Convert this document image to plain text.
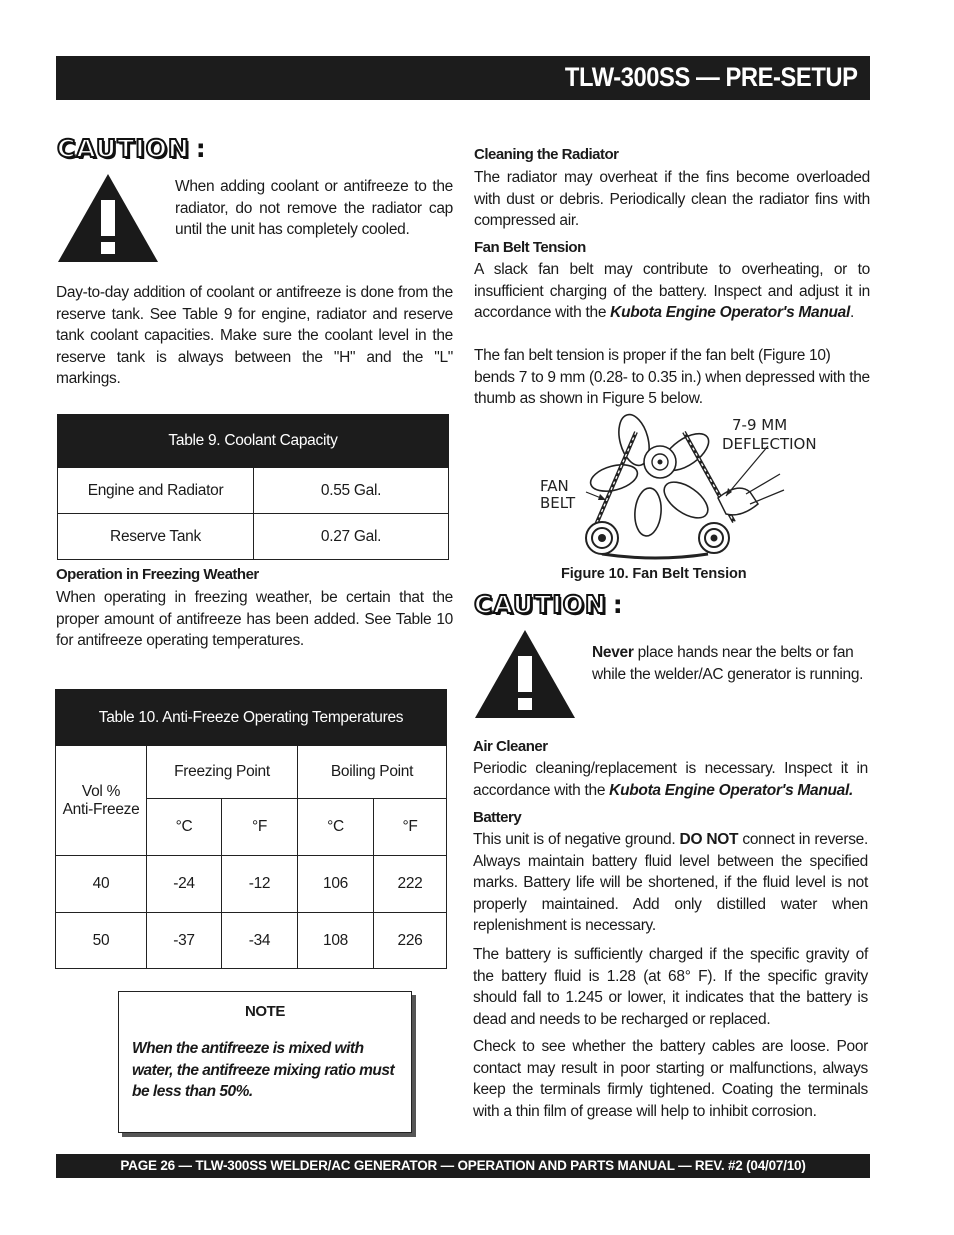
TLW-300SS — PRE-SETUP
CAUTION :
When adding coolant or antifreeze to the radiator, do not remove the radiator cap until the unit has completely cooled.
Day-to-day addition of coolant or antifreeze is done from the reserve tank. See Table 9 for engine, radiator and reserve tank coolant capacities. Make sure the coolant level in the reserve tank is always between the "H" and the "L" markings.
Table 9. Coolant Capacity	
Engine and Radiator	0.55 Gal.
Reserve Tank	0.27 Gal.
Operation in Freezing Weather
When operating in freezing weather, be certain that the proper amount of antifreeze has been added. See Table 10 for antifreeze operating temperatures.
Table 10. Anti-Freeze Operating Temperatures				

Vol %
Anti-Freeze	Freezing Point		Boiling Point	
	°C	°F	°C	°F
40	-24	-12	106	222
50	-37	-34	108	226
NOTE
When the antifreeze is mixed with water, the antifreeze mixing ratio must be less than 50%.
Cleaning the Radiator
The radiator may overheat if the fins become overloaded with dust or debris. Periodically clean the radiator fins with compressed air.
Fan Belt Tension
A slack fan belt may contribute to overheating, or to insufficient charging of the battery. Inspect and adjust it in accordance with the Kubota Engine Operator's Manual.
The fan belt tension is proper if the fan belt (Figure 10) bends 7 to 9 mm (0.28- to 0.35 in.) when depressed with the thumb as shown in Figure 5 below.
7-9 MM
DEFLECTION
FAN
BELT
Figure 10. Fan Belt Tension
CAUTION :
Never place hands near the belts or fan while the welder/AC generator is running.
Air Cleaner
Periodic cleaning/replacement is necessary. Inspect it in accordance with the Kubota Engine Operator's Manual.
Battery
This unit is of negative ground. DO NOT connect in reverse. Always maintain battery fluid level between the specified marks. Battery life will be shortened, if the fluid level is not properly maintained. Add only distilled water when replenishment is necessary.
The battery is sufficiently charged if the specific gravity of the battery fluid is 1.28 (at 68° F). If the specific gravity should fall to 1.245 or lower, it indicates that the battery is dead and needs to be recharged or replaced.
Check to see whether the battery cables are loose. Poor contact may result in poor starting or malfunctions, always keep the terminals firmly tightened. Coating the terminals with a thin film of grease will help to inhibit corrosion.
PAGE 26 — TLW-300SS WELDER/AC GENERATOR — OPERATION AND PARTS MANUAL — REV. #2 (04/07/10)
